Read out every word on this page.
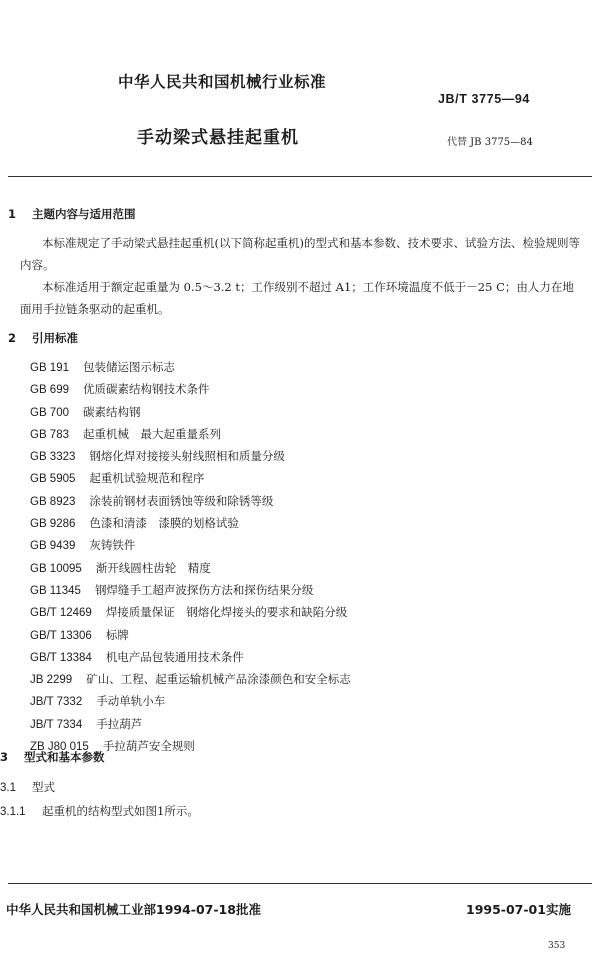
中华人民共和国机械行业标准
JB/T 3775—94
手动梁式悬挂起重机	代替 JB 3775—84
1 主题内容与适用范围
本标准规定了手动梁式悬挂起重机(以下简称起重机)的型式和基本参数、技术要求、试验方法、检验规则等内容。
本标准适用于额定起重量为 0.5～3.2 t；工作级别不超过 A1；工作环境温度不低于－25 C；由人力在地面用手拉链条驱动的起重机。
2 引用标准
GB 191 包装储运图示标志
GB 699 优质碳素结构钢技术条件
GB 700 碳素结构钢
GB 783 起重机械　最大起重量系列
GB 3323 钢熔化焊对接接头射线照相和质量分级
GB 5905 起重机试验规范和程序
GB 8923 涂装前钢材表面锈蚀等级和除锈等级
GB 9286 色漆和清漆　漆膜的划格试验
GB 9439 灰铸铁件
GB 10095 渐开线圆柱齿轮　精度
GB 11345 钢焊缝手工超声波探伤方法和探伤结果分级
GB/T 12469 焊接质量保证　钢熔化焊接头的要求和缺陷分级
GB/T 13306 标牌
GB/T 13384 机电产品包装通用技术条件
JB 2299 矿山、工程、起重运输机械产品涂漆颜色和安全标志
JB/T 7332 手动单轨小车
JB/T 7334 手拉葫芦
ZB J80 015 手拉葫芦安全规则
3 型式和基本参数
3.1 型式
3.1.1 起重机的结构型式如图1所示。
中华人民共和国机械工业部1994-07-18批准	1995-07-01实施
353
